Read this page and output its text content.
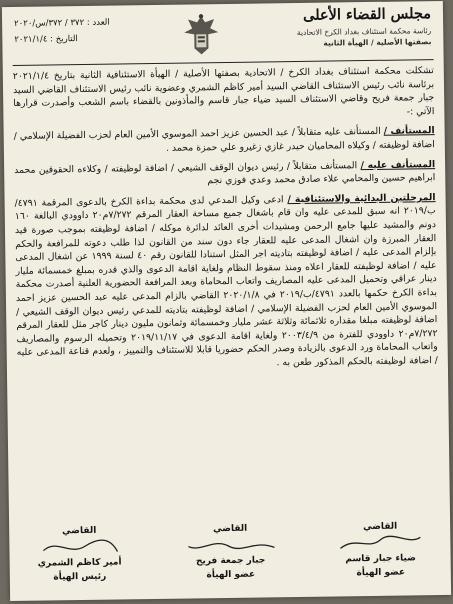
مجلس القضاء الأعلى
رئاسة محكمة استئناف بغداد الكرخ الاتحادية
بصفتها الأصلية / الهيأة الثانية
العدد : ٣٧٢ / ٣٧٢/س/٢٠٢٠
التاريخ : ٢٠٢١/١/٤

تشكلت محكمة استئناف بغداد الكرخ / الاتحادية بصفتها الأصلية / الهيأة الاستئنافية الثانية بتاريخ ٢٠٢١/١/٤ برئاسة نائب رئيس الاستئناف القاضي السيد أمير كاظم الشمري وعضوية نائب رئيس الاستئناف القاضي السيد جبار جمعة فريح وقاضي الاستئناف السيد ضياء جبار قاسم والمأذونين بالقضاء باسم الشعب وأصدرت قرارها الآتي :-

المستأنف / المستأنف عليه متقابلاً / عبد الحسين عزيز احمد الموسوي الأمين العام لحزب الفضيلة الإسلامي / اضافة لوظيفته / وكيلاه المحاميان حيدر غازي زغيرو علي حمزة محمد .

المستأنف عليه / المستأنف متقابلاً / رئيس ديوان الوقف الشيعي / اضافة لوظيفته / وكلاءه الحقوقين محمد ابراهيم حسين والمحامي علاء صادق محمد وعدي فوزي نجم

المرحلتين البدائية والاستئنافية / ادعى وكيل المدعي لدى محكمة بداءة الكرخ بالدعوى المرقمة ٤٧٩١/ب/٢٠١٩ انه سبق للمدعى عليه وان قام باشغال جميع مساحة العقار المرقم ٧/٢٧٢م٢٠ داوودي البالغة ١٦٠ دونم والمشيد عليها جامع الرحمن ومشيدات أخرى العائد لدائرة موكله / اضافة لوظيفته بموجب صورة قيد العقار المبرزة وان اشغال المدعى عليه للعقار جاء دون سند من القانون لذا طلب دعوته للمرافعة والحكم بإلزام المدعى عليه / اضافة لوظيفته بتاديته اجر المثل استنادا للقانون رقم ٤٠ لسنة ١٩٩٩ عن اشغال المدعى عليه / اضافة لوظيفته للعقار اعلاه ومنذ سقوط النظام ولغاية اقامة الدعوى والذي قدره بمبلغ خمسمائة مليار دينار عراقي وتحميل المدعى عليه المصاريف واتعاب المحاماة وبعد المرافعة الحضورية العلنية أصدرت محكمة بداءة الكرخ حكمها بالعدد ٤٧٩١/ب/٢٠١٩ في ٢٠٢٠/١/٨ القاضي بالزام المدعى عليه عبد الحسين عزيز احمد الموسوي الأمين العام لحزب الفضيلة الإسلامي / اضافة لوظيفته بتاديته للمدعي رئيس ديوان الوقف الشيعي / اضافة لوظيفته مبلغا مقداره ثلاثمائة وثلاثة عشر مليار وخمسمائة وثمانون مليون دينار كاجر مثل للعقار المرقم ٧/٢٧٢م٢٠ داوودي للفترة من ٢٠٠٣/٤/٩ ولغاية اقامة الدعوى في ٢٠١٩/١١/١٧ وتحميله الرسوم والمصاريف واتعاب المحاماة ورد الدعوى بالزيادة وصدر الحكم حضوريا قابلا للاستئناف والتمييز ، ولعدم قناعة المدعى عليه / اضافة لوظيفته بالحكم المذكور طعن به .

القاضي
ضياء جبار قاسم
عضو الهيأة
القاضي
جبار جمعة فريح
عضو الهيأة
القاضي
أمير كاظم الشمري
رئيس الهيأة
